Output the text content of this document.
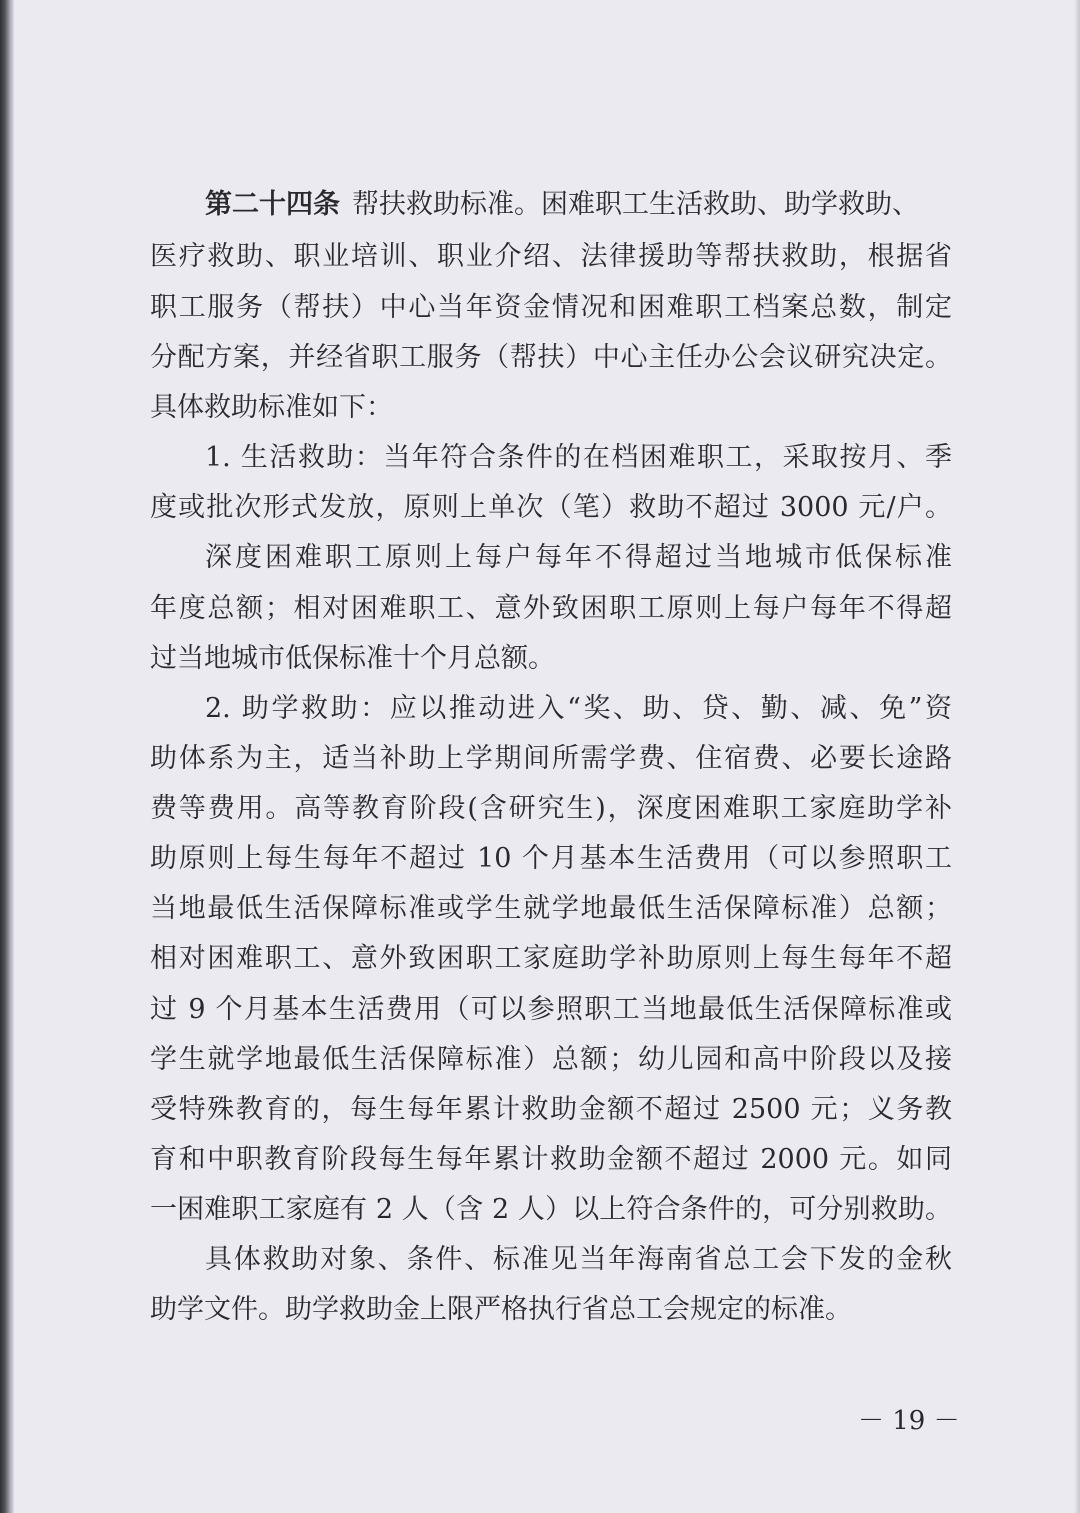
第二十四条 帮扶救助标准。困难职工生活救助、助学救助、
医疗救助、职业培训、职业介绍、法律援助等帮扶救助，根据省
职工服务（帮扶）中心当年资金情况和困难职工档案总数，制定
分配方案，并经省职工服务（帮扶）中心主任办公会议研究决定。
具体救助标准如下：
1. 生活救助：当年符合条件的在档困难职工，采取按月、季
度或批次形式发放，原则上单次（笔）救助不超过 3000 元/户。
深度困难职工原则上每户每年不得超过当地城市低保标准
年度总额；相对困难职工、意外致困职工原则上每户每年不得超
过当地城市低保标准十个月总额。
2. 助学救助：应以推动进入“奖、助、贷、勤、减、免”资
助体系为主，适当补助上学期间所需学费、住宿费、必要长途路
费等费用。高等教育阶段(含研究生)，深度困难职工家庭助学补
助原则上每生每年不超过 10 个月基本生活费用（可以参照职工
当地最低生活保障标准或学生就学地最低生活保障标准）总额；
相对困难职工、意外致困职工家庭助学补助原则上每生每年不超
过 9 个月基本生活费用（可以参照职工当地最低生活保障标准或
学生就学地最低生活保障标准）总额；幼儿园和高中阶段以及接
受特殊教育的，每生每年累计救助金额不超过 2500 元；义务教
育和中职教育阶段每生每年累计救助金额不超过 2000 元。如同
一困难职工家庭有 2 人（含 2 人）以上符合条件的，可分别救助。
具体救助对象、条件、标准见当年海南省总工会下发的金秋
助学文件。助学救助金上限严格执行省总工会规定的标准。
－ 19 －
